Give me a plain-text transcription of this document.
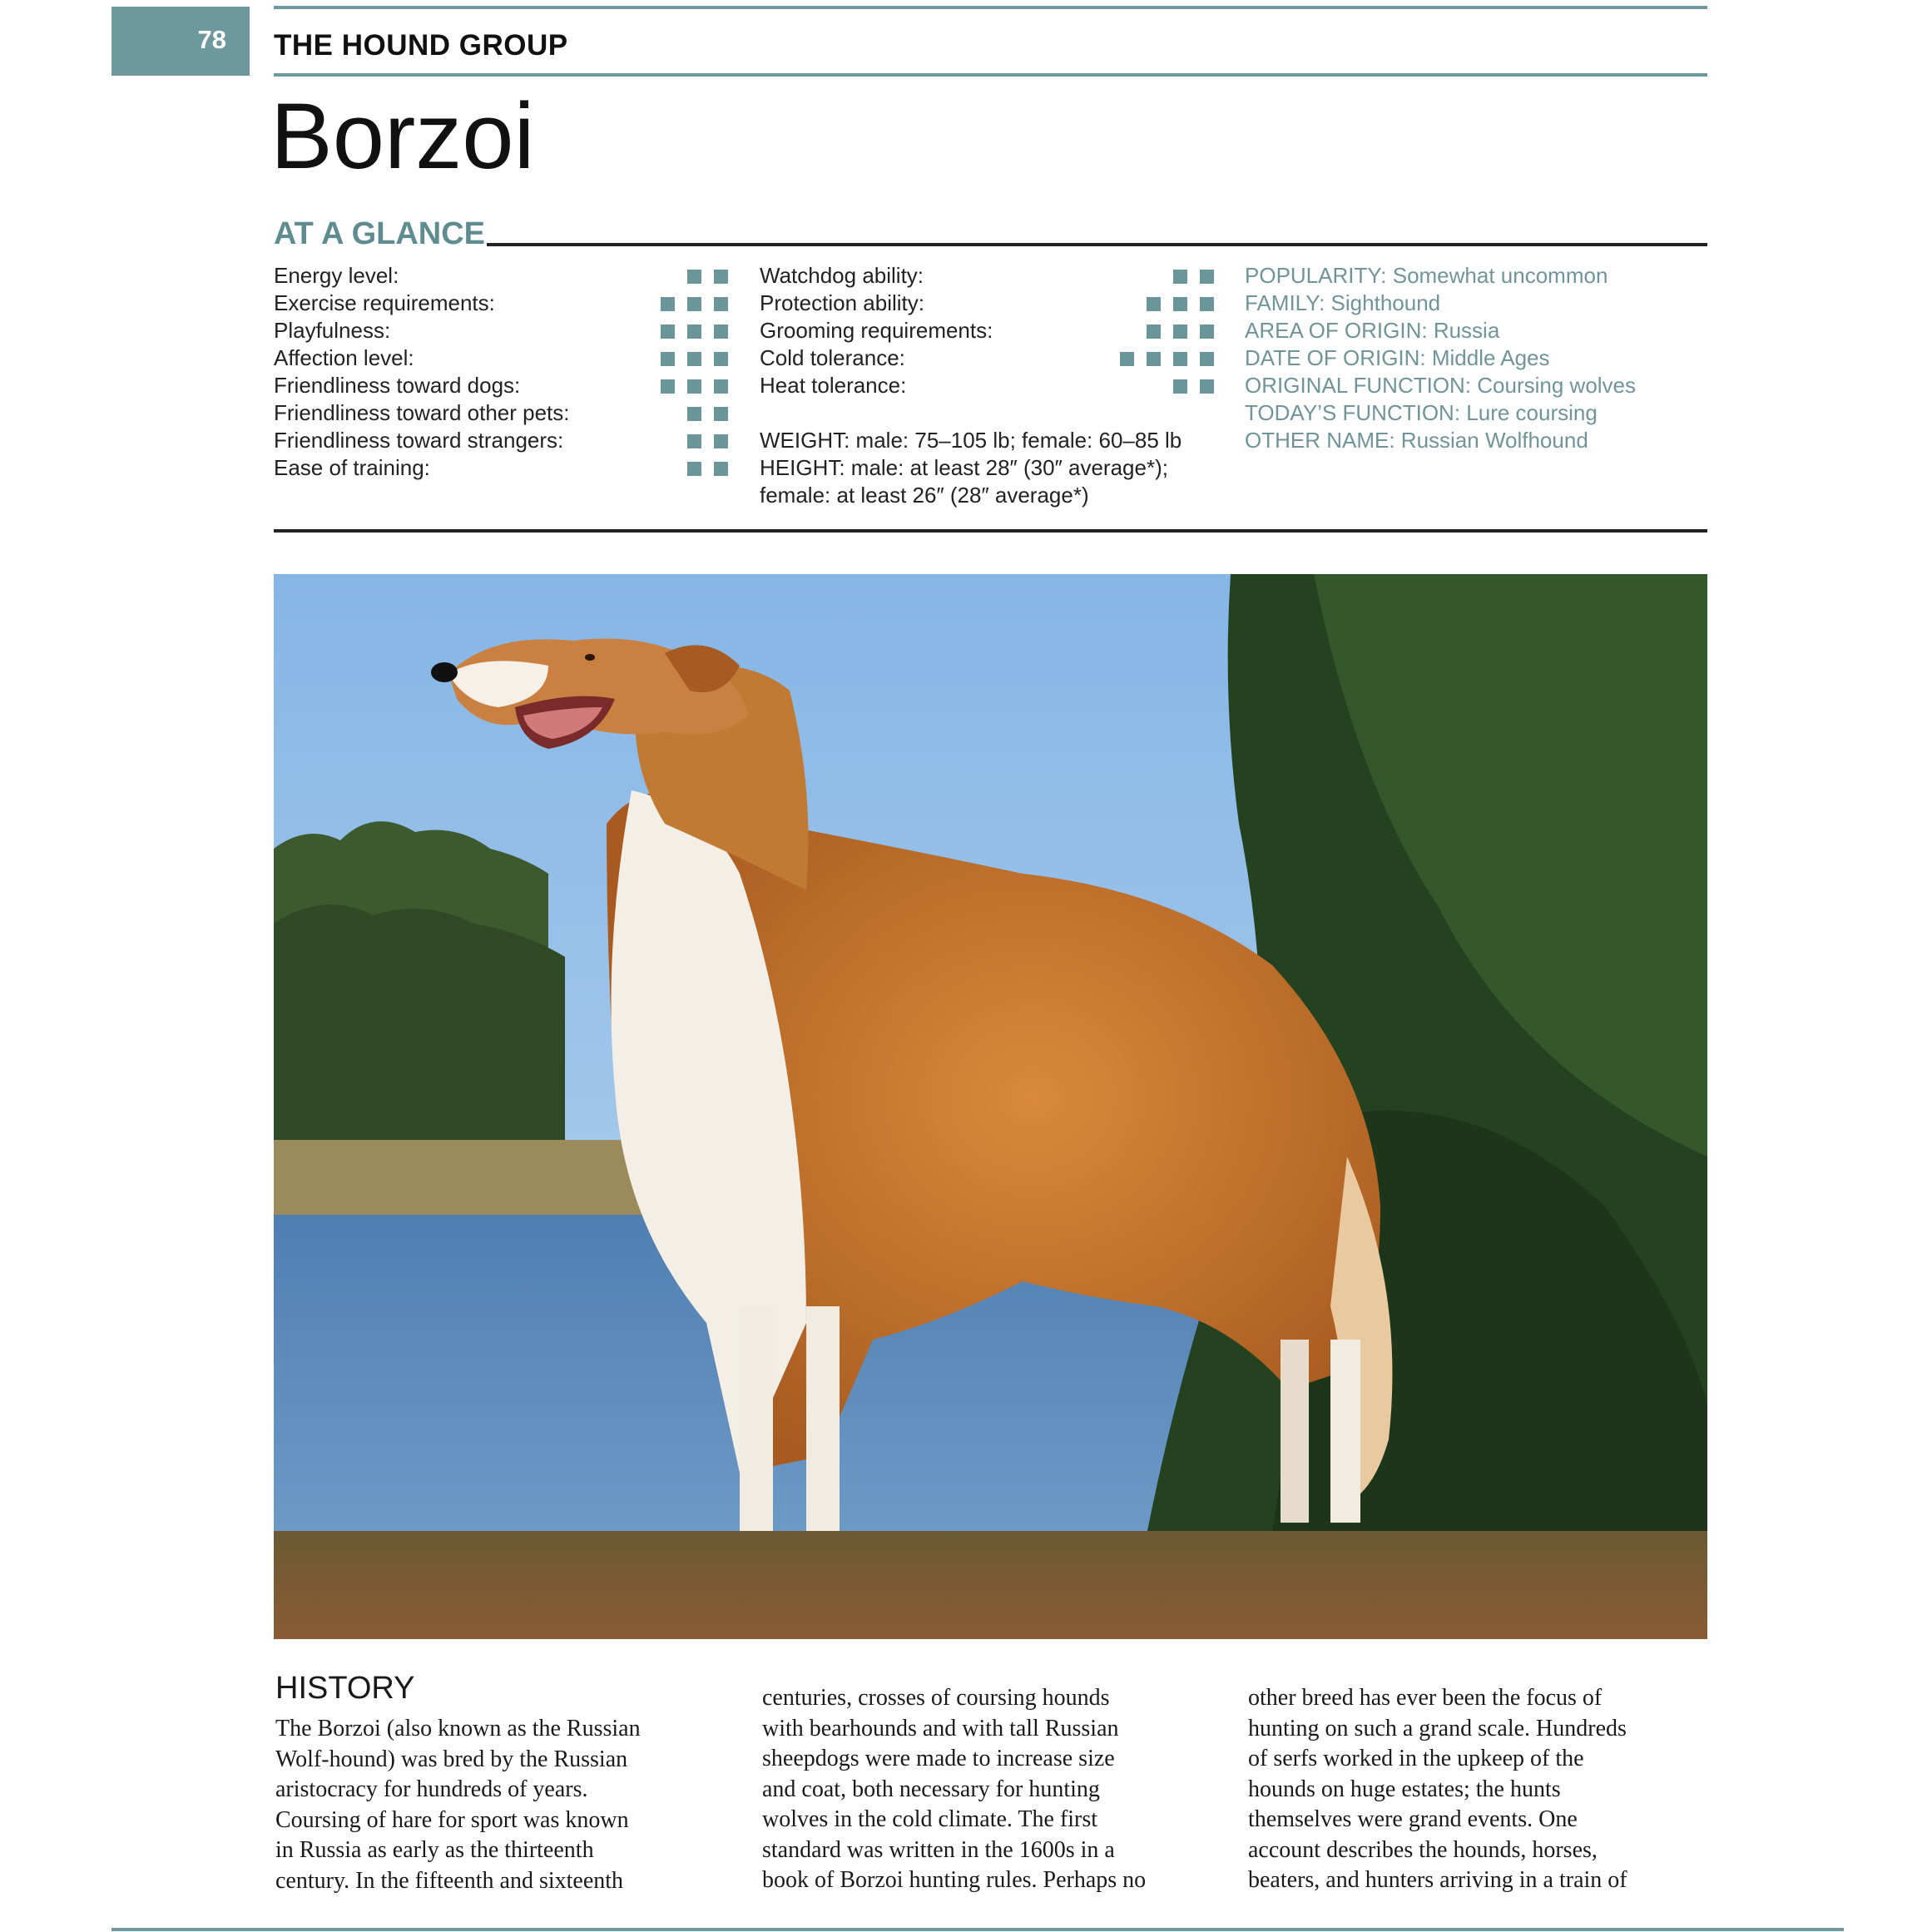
78 THE HOUND GROUP
Borzoi
AT A GLANCE
Energy level:
Exercise requirements:
Playfulness:
Affection level:
Friendliness toward dogs:
Friendliness toward other pets:
Friendliness toward strangers:
Ease of training:
Watchdog ability:
Protection ability:
Grooming requirements:
Cold tolerance:
Heat tolerance:
WEIGHT: male: 75–105 lb; female: 60–85 lb
HEIGHT: male: at least 28″ (30″ average*);
female: at least 26″ (28″ average*)
POPULARITY: Somewhat uncommon
FAMILY: Sighthound
AREA OF ORIGIN: Russia
DATE OF ORIGIN: Middle Ages
ORIGINAL FUNCTION: Coursing wolves
TODAY’S FUNCTION: Lure coursing
OTHER NAME: Russian Wolfhound
HISTORY
The Borzoi (also known as the Russian
Wolf-hound) was bred by the Russian
aristocracy for hundreds of years.
Coursing of hare for sport was known
in Russia as early as the thirteenth
century. In the fifteenth and sixteenth
centuries, crosses of coursing hounds
with bearhounds and with tall Russian
sheepdogs were made to increase size
and coat, both necessary for hunting
wolves in the cold climate. The first
standard was written in the 1600s in a
book of Borzoi hunting rules. Perhaps no
other breed has ever been the focus of
hunting on such a grand scale. Hundreds
of serfs worked in the upkeep of the
hounds on huge estates; the hunts
themselves were grand events. One
account describes the hounds, horses,
beaters, and hunters arriving in a train of
